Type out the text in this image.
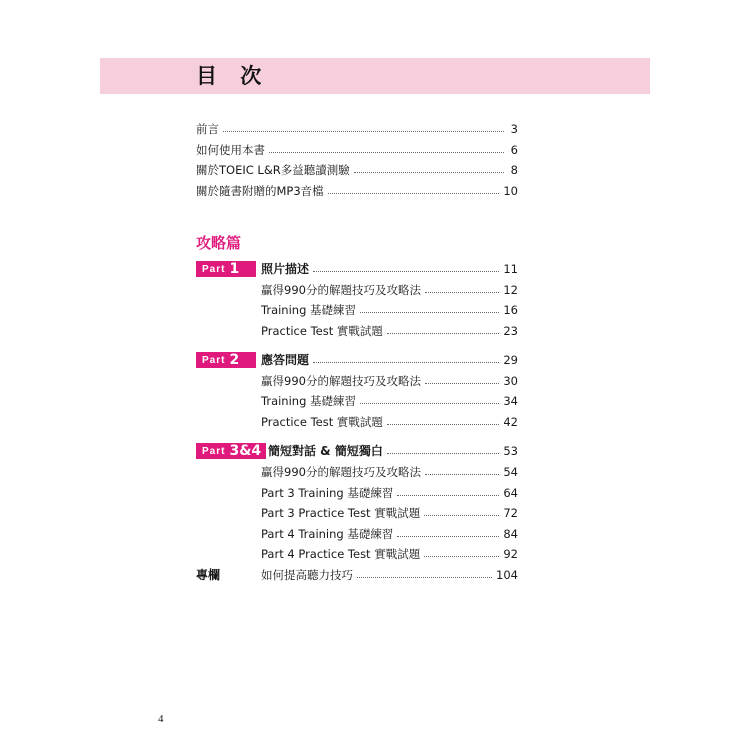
目 次
前言	3
如何使用本書	6
關於TOEIC L&R多益聽讀測驗	8
關於隨書附贈的MP3音檔	10
攻略篇
Part 1 照片描述	11
贏得990分的解題技巧及攻略法	12
Training 基礎練習	16
Practice Test 實戰試題	23
Part 2 應答問題	29
贏得990分的解題技巧及攻略法	30
Training 基礎練習	34
Practice Test 實戰試題	42
Part 3&4 簡短對話 & 簡短獨白	53
贏得990分的解題技巧及攻略法	54
Part 3 Training 基礎練習	64
Part 3 Practice Test 實戰試題	72
Part 4 Training 基礎練習	84
Part 4 Practice Test 實戰試題	92
專欄	如何提高聽力技巧	104
4
